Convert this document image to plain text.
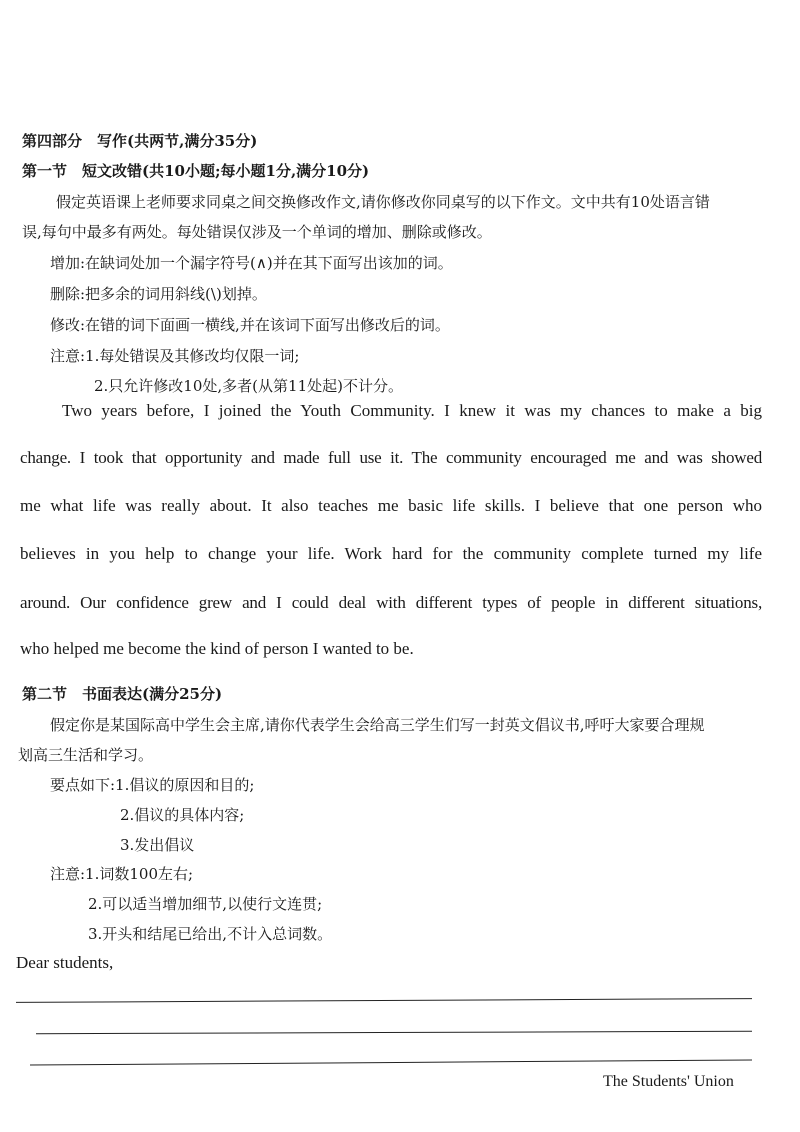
第四部分　写作(共两节,满分35分)
第一节　短文改错(共10小题;每小题1分,满分10分)
假定英语课上老师要求同桌之间交换修改作文,请你修改你同桌写的以下作文。文中共有10处语言错
误,每句中最多有两处。每处错误仅涉及一个单词的增加、删除或修改。
增加:在缺词处加一个漏字符号(∧)并在其下面写出该加的词。
删除:把多余的词用斜线(\)划掉。
修改:在错的词下面画一横线,并在该词下面写出修改后的词。
注意:1.每处错误及其修改均仅限一词;
2.只允许修改10处,多者(从第11处起)不计分。
Two years before, I joined the Youth Community. I knew it was my chances to make a big
change. I took that opportunity and made full use it. The community encouraged me and was showed
me what life was really about. It also teaches me basic life skills. I believe that one person who
believes in you help to change your life. Work hard for the community complete turned my life
around. Our confidence grew and I could deal with different types of people in different situations,
who helped me become the kind of person I wanted to be.
第二节　书面表达(满分25分)
假定你是某国际高中学生会主席,请你代表学生会给高三学生们写一封英文倡议书,呼吁大家要合理规
划高三生活和学习。
要点如下:1.倡议的原因和目的;
2.倡议的具体内容;
3.发出倡议
注意:1.词数100左右;
2.可以适当增加细节,以使行文连贯;
3.开头和结尾已给出,不计入总词数。
Dear students,
The Students' Union
